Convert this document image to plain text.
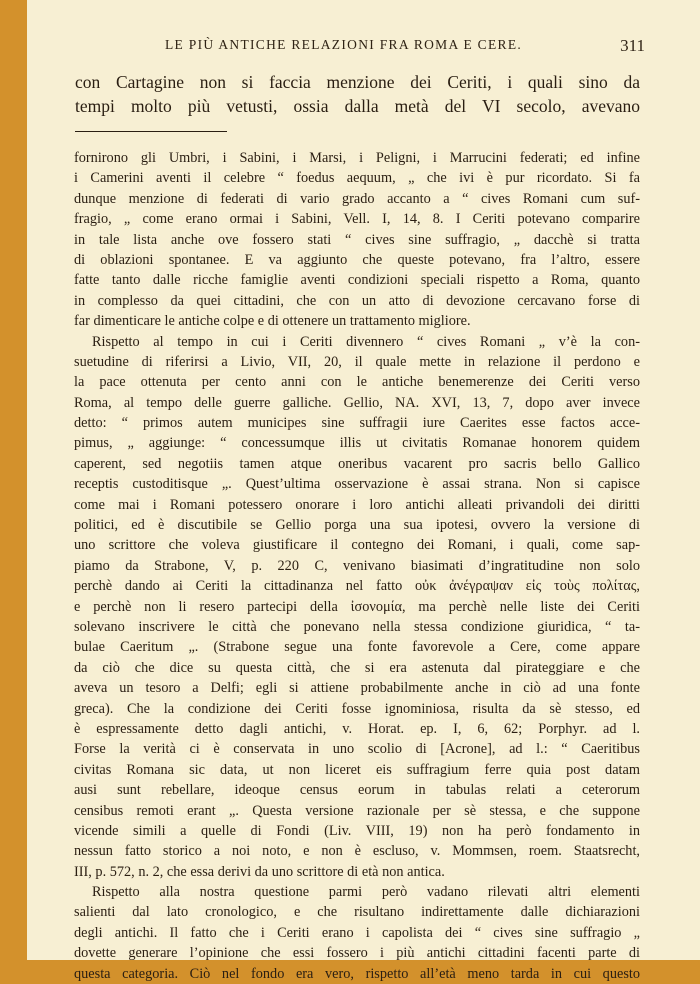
LE PIÙ ANTICHE RELAZIONI FRA ROMA E CERE.	311
con Cartagine non si faccia menzione dei Ceriti, i quali sino da
tempi molto più vetusti, ossia dalla metà del VI secolo, avevano
fornirono gli Umbri, i Sabini, i Marsi, i Peligni, i Marrucini federati; ed infine
i Camerini aventi il celebre “ foedus aequum, „ che ivi è pur ricordato. Si fa
dunque menzione di federati di vario grado accanto a “ cives Romani cum suf-
fragio, „ come erano ormai i Sabini, Vell. I, 14, 8. I Ceriti potevano comparire
in tale lista anche ove fossero stati “ cives sine suffragio, „ dacchè si tratta
di oblazioni spontanee. E va aggiunto che queste potevano, fra l’altro, essere
fatte tanto dalle ricche famiglie aventi condizioni speciali rispetto a Roma, quanto
in complesso da quei cittadini, che con un atto di devozione cercavano forse di
far dimenticare le antiche colpe e di ottenere un trattamento migliore.
Rispetto al tempo in cui i Ceriti divennero “ cives Romani „ v’è la con-
suetudine di riferirsi a Livio, VII, 20, il quale mette in relazione il perdono e
la pace ottenuta per cento anni con le antiche benemerenze dei Ceriti verso
Roma, al tempo delle guerre galliche. Gellio, NA. XVI, 13, 7, dopo aver invece
detto: “ primos autem municipes sine suffragii iure Caerites esse factos acce-
pimus, „ aggiunge: “ concessumque illis ut civitatis Romanae honorem quidem
caperent, sed negotiis tamen atque oneribus vacarent pro sacris bello Gallico
receptis custoditisque „. Quest’ultima osservazione è assai strana. Non si capisce
come mai i Romani potessero onorare i loro antichi alleati privandoli dei diritti
politici, ed è discutibile se Gellio porga una sua ipotesi, ovvero la versione di
uno scrittore che voleva giustificare il contegno dei Romani, i quali, come sap-
piamo da Strabone, V, p. 220 C, venivano biasimati d’ingratitudine non solo
perchè dando ai Ceriti la cittadinanza nel fatto οὐκ ἀνέγραψαν εἰς τοὺς πολίτας,
e perchè non li resero partecipi della ἰσονομία, ma perchè nelle liste dei Ceriti
solevano inscrivere le città che ponevano nella stessa condizione giuridica, “ ta-
bulae Caeritum „. (Strabone segue una fonte favorevole a Cere, come appare
da ciò che dice su questa città, che si era astenuta dal pirateggiare e che
aveva un tesoro a Delfi; egli si attiene probabilmente anche in ciò ad una fonte
greca). Che la condizione dei Ceriti fosse ignominiosa, risulta da sè stesso, ed
è espressamente detto dagli antichi, v. Horat. ep. I, 6, 62; Porphyr. ad l.
Forse la verità ci è conservata in uno scolio di [Acrone], ad l.: “ Caeritibus
civitas Romana sic data, ut non liceret eis suffragium ferre quia post datam
ausi sunt rebellare, ideoque census eorum in tabulas relati a ceterorum
censibus remoti erant „. Questa versione razionale per sè stessa, e che suppone
vicende simili a quelle di Fondi (Liv. VIII, 19) non ha però fondamento in
nessun fatto storico a noi noto, e non è escluso, v. Mommsen, roem. Staatsrecht,
III, p. 572, n. 2, che essa derivi da uno scrittore di età non antica.
Rispetto alla nostra questione parmi però vadano rilevati altri elementi
salienti dal lato cronologico, e che risultano indirettamente dalle dichiarazioni
degli antichi. Il fatto che i Ceriti erano i capolista dei “ cives sine suffragio „
dovette generare l’opinione che essi fossero i più antichi cittadini facenti parte di
questa categoria. Ciò nel fondo era vero, rispetto all’età meno tarda in cui questo
